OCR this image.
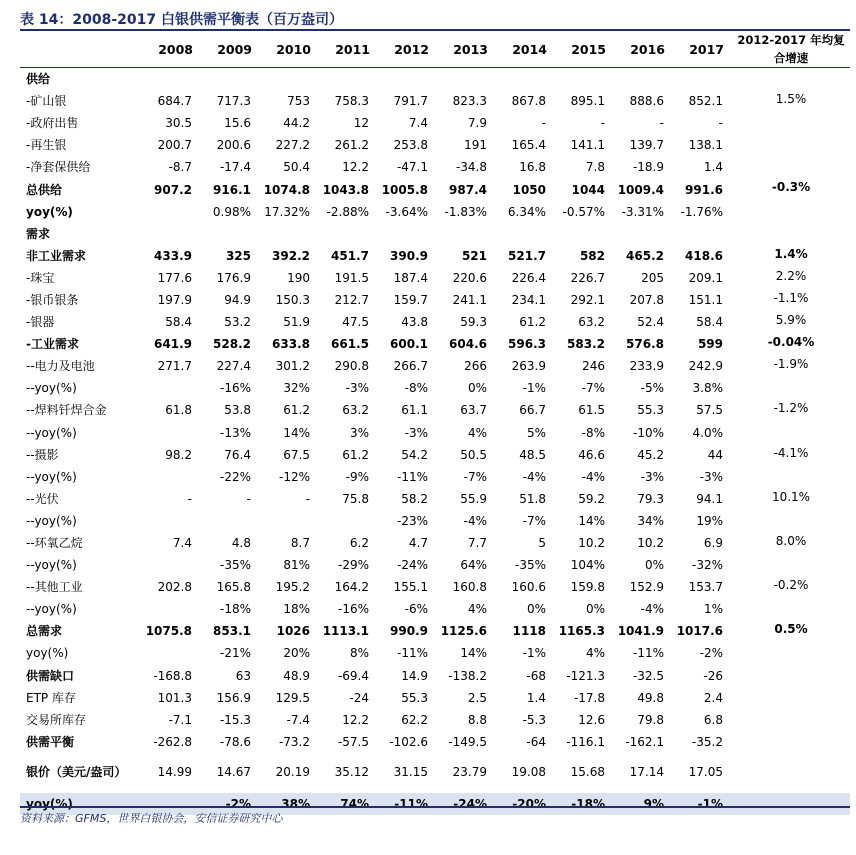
表 14：2008-2017 白银供需平衡表（百万盎司）
	2008	2009	2010	2011	2012	2013	2014	2015	2016	2017	2012-2017 年均复合增速
供给											
-矿山银	684.7	717.3	753	758.3	791.7	823.3	867.8	895.1	888.6	852.1	1.5%
-政府出售	30.5	15.6	44.2	12	7.4	7.9	-	-	-	-	
-再生银	200.7	200.6	227.2	261.2	253.8	191	165.4	141.1	139.7	138.1	
-净套保供给	-8.7	-17.4	50.4	12.2	-47.1	-34.8	16.8	7.8	-18.9	1.4	
总供给	907.2	916.1	1074.8	1043.8	1005.8	987.4	1050	1044	1009.4	991.6	-0.3%
yoy(%)		0.98%	17.32%	-2.88%	-3.64%	-1.83%	6.34%	-0.57%	-3.31%	-1.76%	
需求											
非工业需求	433.9	325	392.2	451.7	390.9	521	521.7	582	465.2	418.6	1.4%
-珠宝	177.6	176.9	190	191.5	187.4	220.6	226.4	226.7	205	209.1	2.2%
-银币银条	197.9	94.9	150.3	212.7	159.7	241.1	234.1	292.1	207.8	151.1	-1.1%
-银器	58.4	53.2	51.9	47.5	43.8	59.3	61.2	63.2	52.4	58.4	5.9%
-工业需求	641.9	528.2	633.8	661.5	600.1	604.6	596.3	583.2	576.8	599	-0.04%
--电力及电池	271.7	227.4	301.2	290.8	266.7	266	263.9	246	233.9	242.9	-1.9%
--yoy(%)		-16%	32%	-3%	-8%	0%	-1%	-7%	-5%	3.8%	
--焊料钎焊合金	61.8	53.8	61.2	63.2	61.1	63.7	66.7	61.5	55.3	57.5	-1.2%
--yoy(%)		-13%	14%	3%	-3%	4%	5%	-8%	-10%	4.0%	
--摄影	98.2	76.4	67.5	61.2	54.2	50.5	48.5	46.6	45.2	44	-4.1%
--yoy(%)		-22%	-12%	-9%	-11%	-7%	-4%	-4%	-3%	-3%	
--光伏	-	-	-	75.8	58.2	55.9	51.8	59.2	79.3	94.1	10.1%
--yoy(%)					-23%	-4%	-7%	14%	34%	19%	
--环氧乙烷	7.4	4.8	8.7	6.2	4.7	7.7	5	10.2	10.2	6.9	8.0%
--yoy(%)		-35%	81%	-29%	-24%	64%	-35%	104%	0%	-32%	
--其他工业	202.8	165.8	195.2	164.2	155.1	160.8	160.6	159.8	152.9	153.7	-0.2%
--yoy(%)		-18%	18%	-16%	-6%	4%	0%	0%	-4%	1%	
总需求	1075.8	853.1	1026	1113.1	990.9	1125.6	1118	1165.3	1041.9	1017.6	0.5%
yoy(%)		-21%	20%	8%	-11%	14%	-1%	4%	-11%	-2%	
供需缺口	-168.8	63	48.9	-69.4	14.9	-138.2	-68	-121.3	-32.5	-26	
ETP 库存	101.3	156.9	129.5	-24	55.3	2.5	1.4	-17.8	49.8	2.4	
交易所库存	-7.1	-15.3	-7.4	12.2	62.2	8.8	-5.3	12.6	79.8	6.8	
供需平衡	-262.8	-78.6	-73.2	-57.5	-102.6	-149.5	-64	-116.1	-162.1	-35.2	
银价（美元/盎司）	14.99	14.67	20.19	35.12	31.15	23.79	19.08	15.68	17.14	17.05	
yoy(%)		-2%	38%	74%	-11%	-24%	-20%	-18%	9%	-1%	
资料来源：GFMS，世界白银协会，安信证券研究中心
